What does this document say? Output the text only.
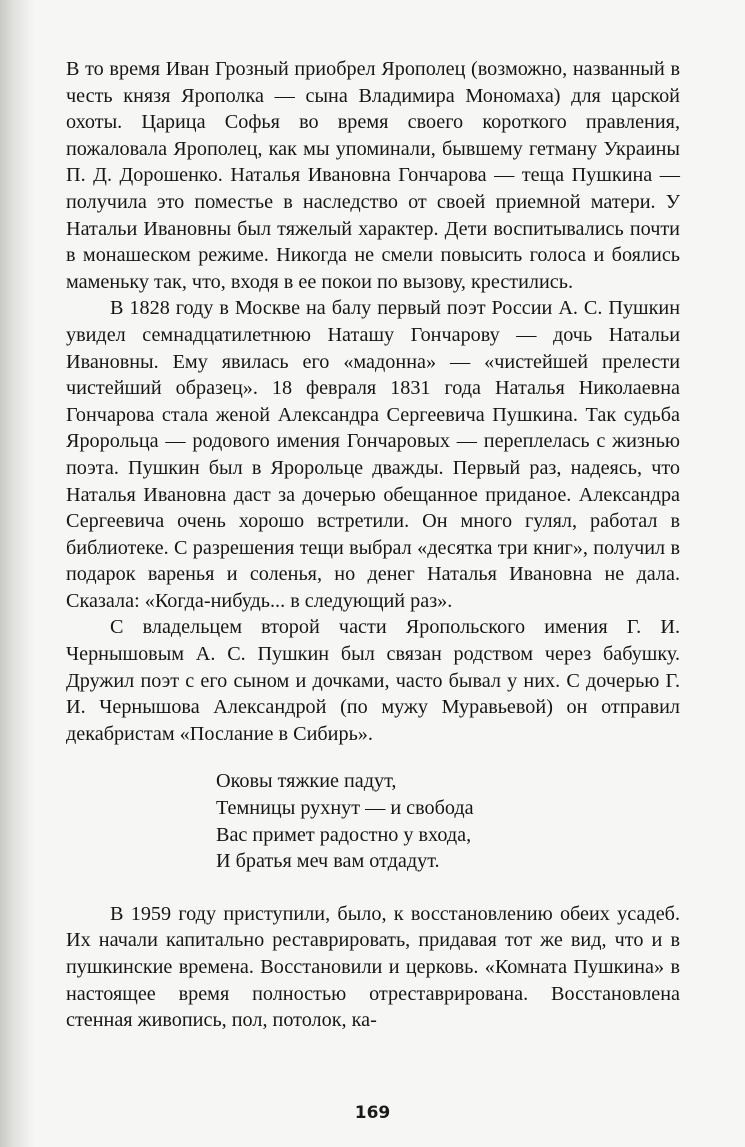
В то время Иван Грозный приобрел Ярополец (возможно, названный в честь князя Ярополка — сына Владимира Мономаха) для царской охоты. Царица Софья во время своего короткого правления, пожаловала Ярополец, как мы упоминали, бывшему гетману Украины П. Д. Дорошенко. Наталья Ивановна Гончарова — теща Пушкина — получила это поместье в наследство от своей приемной матери. У Натальи Ивановны был тяжелый характер. Дети воспитывались почти в монашеском режиме. Никогда не смели повысить голоса и боялись маменьку так, что, входя в ее покои по вызову, крестились.

В 1828 году в Москве на балу первый поэт России А. С. Пушкин увидел семнадцатилетнюю Наташу Гончарову — дочь Натальи Ивановны. Ему явилась его «мадонна» — «чистейшей прелести чистейший образец». 18 февраля 1831 года Наталья Николаевна Гончарова стала женой Александра Сергеевича Пушкина. Так судьба Яроpольца — родового имения Гончаровых — переплелась с жизнью поэта. Пушкин был в Яроpольце дважды. Первый раз, надеясь, что Наталья Ивановна даст за дочерью обещанное приданое. Александра Сергеевича очень хорошо встретили. Он много гулял, работал в библиотеке. С разрешения тещи выбрал «десятка три книг», получил в подарок варенья и соленья, но денег Наталья Ивановна не дала. Сказала: «Когда-нибудь... в следующий раз».

С владельцем второй части Яропольского имения Г. И. Чернышовым А. С. Пушкин был связан родством через бабушку. Дружил поэт с его сыном и дочками, часто бывал у них. С дочерью Г. И. Чернышова Александрой (по мужу Муравьевой) он отправил декабристам «Послание в Сибирь».

Оковы тяжкие падут,
Темницы рухнут — и свобода
Вас примет радостно у входа,
И братья меч вам отдадут.

В 1959 году приступили, было, к восстановлению обеих усадеб. Их начали капитально реставрировать, придавая тот же вид, что и в пушкинские времена. Восстановили и церковь. «Комната Пушкина» в настоящее время полностью отреставрирована. Восстановлена стенная живопись, пол, потолок, ка-

169
